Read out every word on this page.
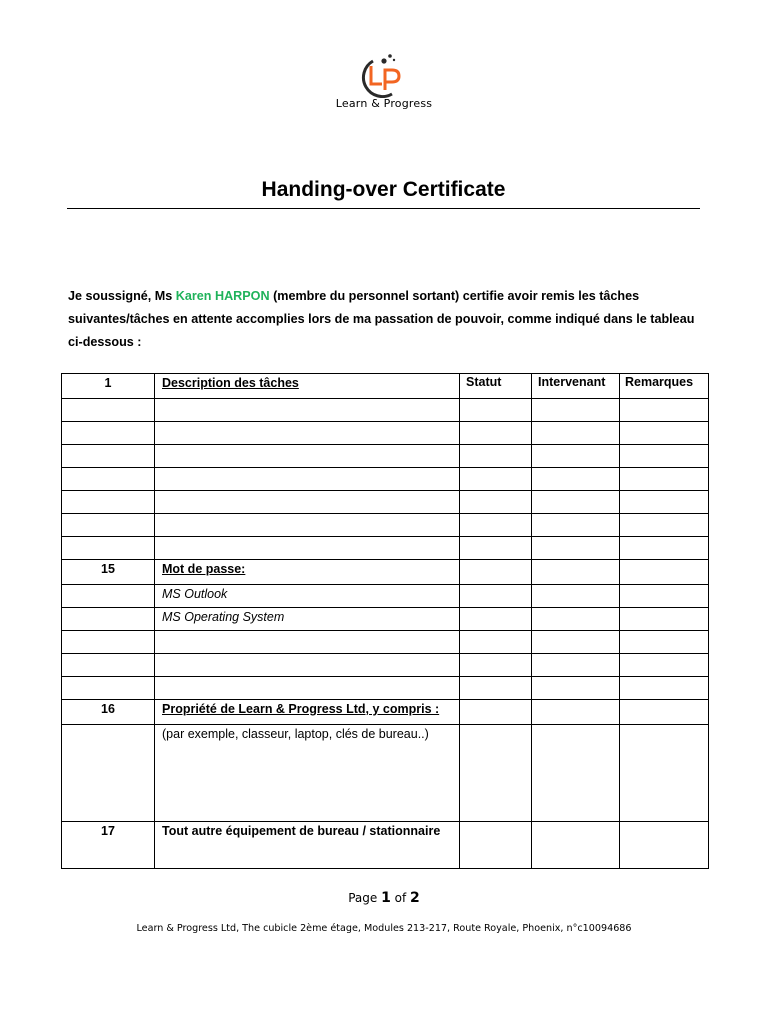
Learn & Progress
Handing-over Certificate
Je soussigné, Ms Karen HARPON (membre du personnel sortant) certifie avoir remis les tâches suivantes/tâches en attente accomplies lors de ma passation de pouvoir, comme indiqué dans le tableau ci-dessous :
1	Description des tâches	Statut	Intervenant	Remarques

15	Mot de passe:			

	MS Outlook			

	MS Operating System			

16	Propriété de Learn & Progress Ltd, y compris :			

	(par exemple, classeur, laptop, clés de bureau..)			

17	Tout autre équipement de bureau / stationnaire			

Page 1 of 2
Learn & Progress Ltd, The cubicle 2ème étage, Modules 213-217, Route Royale, Phoenix, n°c10094686
